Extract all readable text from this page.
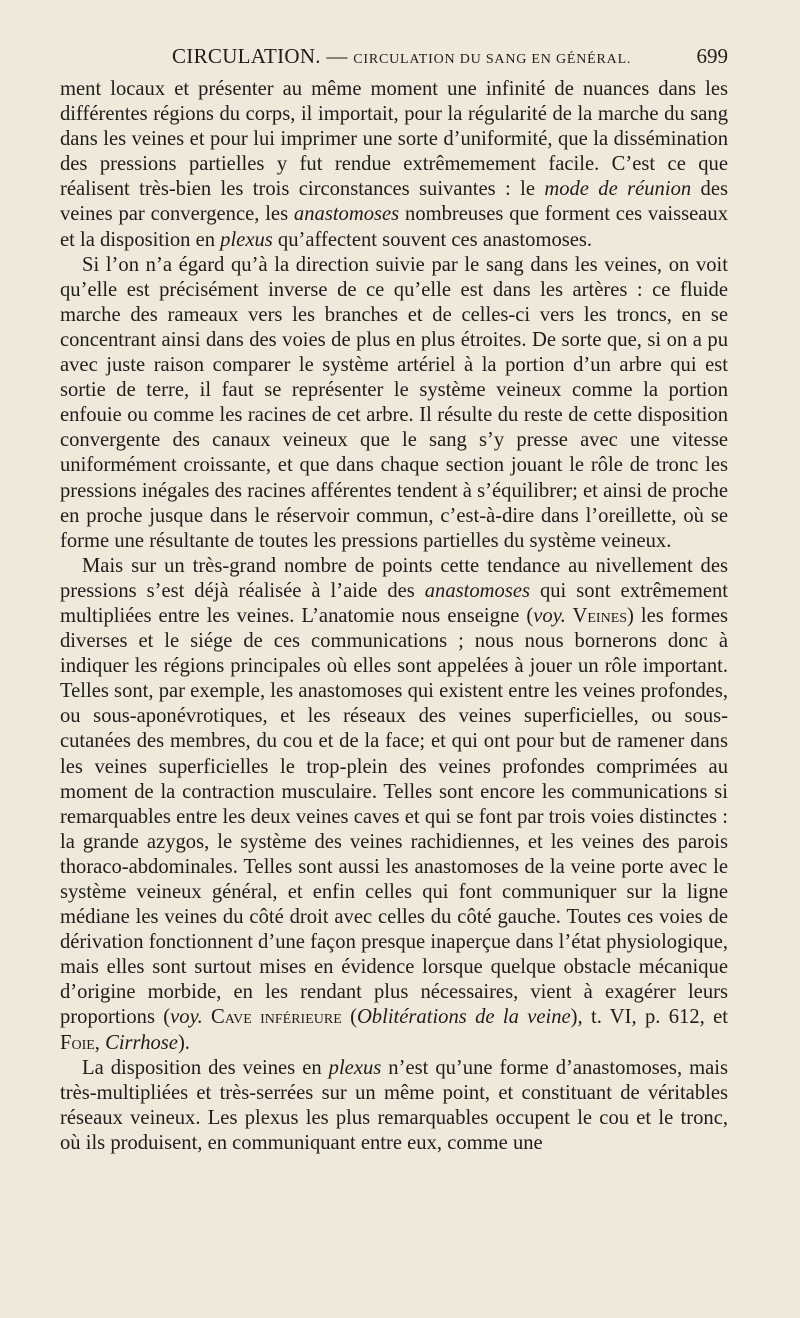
CIRCULATION. — CIRCULATION DU SANG EN GÉNÉRAL.	699

ment locaux et présenter au même moment une infinité de nuances dans les différentes régions du corps, il importait, pour la régularité de la marche du sang dans les veines et pour lui imprimer une sorte d’uniformité, que la dissémination des pressions partielles y fut rendue extrêmemement facile. C’est ce que réalisent très-bien les trois circonstances suivantes : le mode de réunion des veines par convergence, les anastomoses nombreuses que forment ces vaisseaux et la disposition en plexus qu’affectent souvent ces anastomoses.

Si l’on n’a égard qu’à la direction suivie par le sang dans les veines, on voit qu’elle est précisément inverse de ce qu’elle est dans les artères : ce fluide marche des rameaux vers les branches et de celles-ci vers les troncs, en se concentrant ainsi dans des voies de plus en plus étroites. De sorte que, si on a pu avec juste raison comparer le système artériel à la portion d’un arbre qui est sortie de terre, il faut se représenter le système veineux comme la portion enfouie ou comme les racines de cet arbre. Il résulte du reste de cette disposition convergente des canaux veineux que le sang s’y presse avec une vitesse uniformément croissante, et que dans chaque section jouant le rôle de tronc les pressions inégales des racines afférentes tendent à s’équilibrer; et ainsi de proche en proche jusque dans le réservoir commun, c’est-à-dire dans l’oreillette, où se forme une résultante de toutes les pressions partielles du système veineux.

Mais sur un très-grand nombre de points cette tendance au nivellement des pressions s’est déjà réalisée à l’aide des anastomoses qui sont extrêmement multipliées entre les veines. L’anatomie nous enseigne (voy. Veines) les formes diverses et le siége de ces communications ; nous nous bornerons donc à indiquer les régions principales où elles sont appelées à jouer un rôle important. Telles sont, par exemple, les anastomoses qui existent entre les veines profondes, ou sous-aponévrotiques, et les réseaux des veines superficielles, ou sous-cutanées des membres, du cou et de la face; et qui ont pour but de ramener dans les veines superficielles le trop-plein des veines profondes comprimées au moment de la contraction musculaire. Telles sont encore les communications si remarquables entre les deux veines caves et qui se font par trois voies distinctes : la grande azygos, le système des veines rachidiennes, et les veines des parois thoraco-abdominales. Telles sont aussi les anastomoses de la veine porte avec le système veineux général, et enfin celles qui font communiquer sur la ligne médiane les veines du côté droit avec celles du côté gauche. Toutes ces voies de dérivation fonctionnent d’une façon presque inaperçue dans l’état physiologique, mais elles sont surtout mises en évidence lorsque quelque obstacle mécanique d’origine morbide, en les rendant plus nécessaires, vient à exagérer leurs proportions (voy. Cave inférieure (Oblitérations de la veine), t. VI, p. 612, et Foie, Cirrhose).

La disposition des veines en plexus n’est qu’une forme d’anastomoses, mais très-multipliées et très-serrées sur un même point, et constituant de véritables réseaux veineux. Les plexus les plus remarquables occupent le cou et le tronc, où ils produisent, en communiquant entre eux, comme une
